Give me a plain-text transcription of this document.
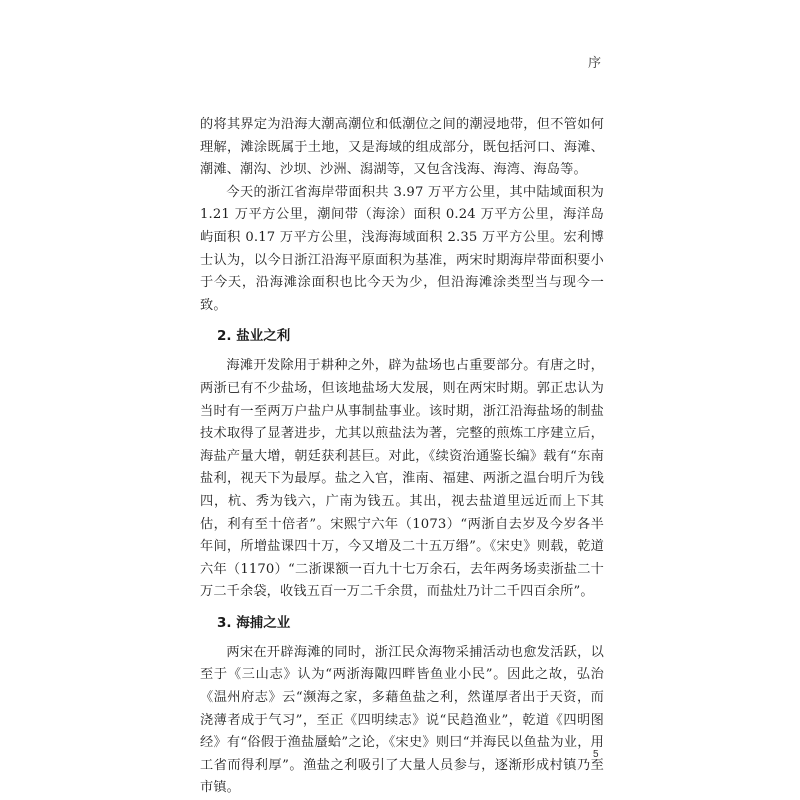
序

的将其界定为沿海大潮高潮位和低潮位之间的潮浸地带，但不管如何理解，滩涂既属于土地，又是海域的组成部分，既包括河口、海滩、潮滩、潮沟、沙坝、沙洲、潟湖等，又包含浅海、海湾、海岛等。

今天的浙江省海岸带面积共 3.97 万平方公里，其中陆域面积为 1.21 万平方公里，潮间带（海涂）面积 0.24 万平方公里，海洋岛屿面积 0.17 万平方公里，浅海海域面积 2.35 万平方公里。宏利博士认为，以今日浙江沿海平原面积为基准，两宋时期海岸带面积要小于今天，沿海滩涂面积也比今天为少，但沿海滩涂类型当与现今一致。

2. 盐业之利

海滩开发除用于耕种之外，辟为盐场也占重要部分。有唐之时，两浙已有不少盐场，但该地盐场大发展，则在两宋时期。郭正忠认为当时有一至两万户盐户从事制盐事业。该时期，浙江沿海盐场的制盐技术取得了显著进步，尤其以煎盐法为著，完整的煎炼工序建立后，海盐产量大增，朝廷获利甚巨。对此，《续资治通鉴长编》载有“东南盐利，视天下为最厚。盐之入官，淮南、福建、两浙之温台明斤为钱四，杭、秀为钱六，广南为钱五。其出，视去盐道里远近而上下其估，利有至十倍者”。宋熙宁六年（1073）“两浙自去岁及今岁各半年间，所增盐课四十万，今又增及二十五万缗”。《宋史》则载，乾道六年（1170）“二浙课额一百九十七万余石，去年两务场卖浙盐二十万二千余袋，收钱五百一万二千余贯，而盐灶乃计二千四百余所”。

3. 海捕之业

两宋在开辟海滩的同时，浙江民众海物采捕活动也愈发活跃，以至于《三山志》认为“两浙海陬四畔皆鱼业小民”。因此之故，弘治《温州府志》云“濒海之家，多藉鱼盐之利，然谨厚者出于天资，而浇薄者成于气习”，至正《四明续志》说“民趋渔业”，乾道《四明图经》有“俗假于渔盐蜃蛤”之论，《宋史》则曰“并海民以鱼盐为业，用工省而得利厚”。渔盐之利吸引了大量人员参与，逐渐形成村镇乃至市镇。

5
